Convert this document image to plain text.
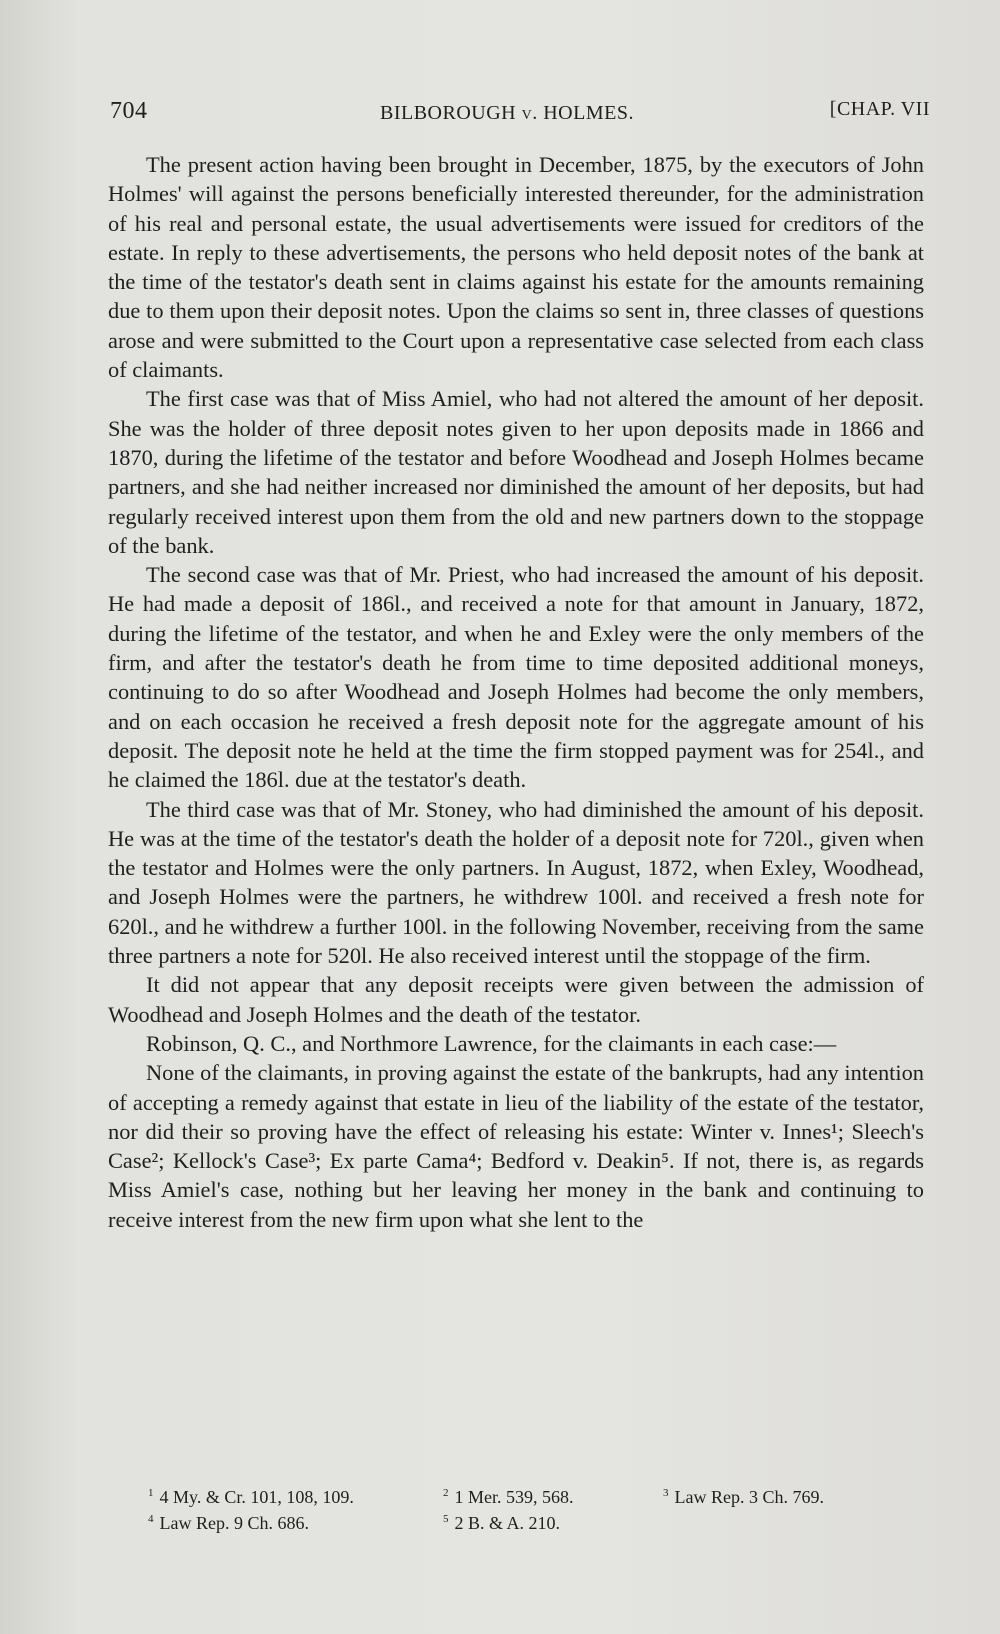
704	BILBOROUGH v. HOLMES.	[CHAP. VII

The present action having been brought in December, 1875, by the executors of John Holmes' will against the persons beneficially interested thereunder, for the administration of his real and personal estate, the usual advertisements were issued for creditors of the estate. In reply to these advertisements, the persons who held deposit notes of the bank at the time of the testator's death sent in claims against his estate for the amounts remaining due to them upon their deposit notes. Upon the claims so sent in, three classes of questions arose and were submitted to the Court upon a representative case selected from each class of claimants.

The first case was that of Miss Amiel, who had not altered the amount of her deposit. She was the holder of three deposit notes given to her upon deposits made in 1866 and 1870, during the lifetime of the testator and before Woodhead and Joseph Holmes became partners, and she had neither increased nor diminished the amount of her deposits, but had regularly received interest upon them from the old and new partners down to the stoppage of the bank.

The second case was that of Mr. Priest, who had increased the amount of his deposit. He had made a deposit of 186l., and received a note for that amount in January, 1872, during the lifetime of the testator, and when he and Exley were the only members of the firm, and after the testator's death he from time to time deposited additional moneys, continuing to do so after Woodhead and Joseph Holmes had become the only members, and on each occasion he received a fresh deposit note for the aggregate amount of his deposit. The deposit note he held at the time the firm stopped payment was for 254l., and he claimed the 186l. due at the testator's death.

The third case was that of Mr. Stoney, who had diminished the amount of his deposit. He was at the time of the testator's death the holder of a deposit note for 720l., given when the testator and Holmes were the only partners. In August, 1872, when Exley, Woodhead, and Joseph Holmes were the partners, he withdrew 100l. and received a fresh note for 620l., and he withdrew a further 100l. in the following November, receiving from the same three partners a note for 520l. He also received interest until the stoppage of the firm.

It did not appear that any deposit receipts were given between the admission of Woodhead and Joseph Holmes and the death of the testator.

Robinson, Q. C., and Northmore Lawrence, for the claimants in each case:—

None of the claimants, in proving against the estate of the bankrupts, had any intention of accepting a remedy against that estate in lieu of the liability of the estate of the testator, nor did their so proving have the effect of releasing his estate: Winter v. Innes¹; Sleech's Case²; Kellock's Case³; Ex parte Cama⁴; Bedford v. Deakin⁵. If not, there is, as regards Miss Amiel's case, nothing but her leaving her money in the bank and continuing to receive interest from the new firm upon what she lent to the

$^1$ 4 My. & Cr. 101, 108, 109.	$^2$ 1 Mer. 539, 568.	$^3$ Law Rep. 3 Ch. 769.
$^4$ Law Rep. 9 Ch. 686.	$^5$ 2 B. & A. 210.
